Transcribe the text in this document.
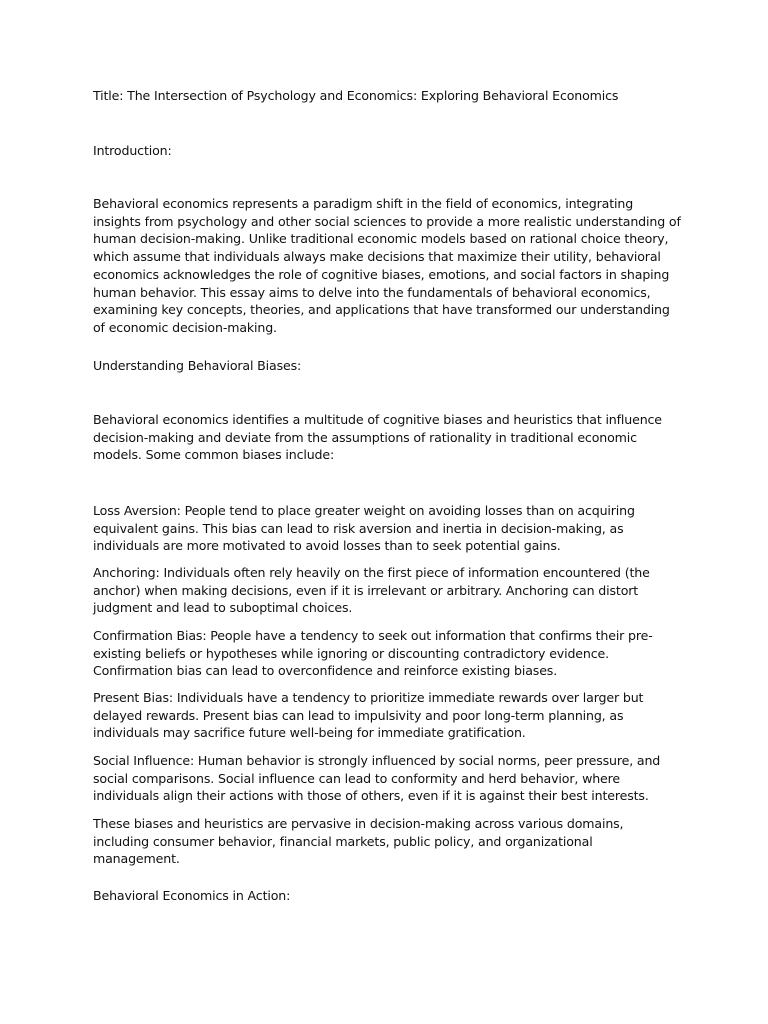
Title: The Intersection of Psychology and Economics: Exploring Behavioral Economics
Introduction:
Behavioral economics represents a paradigm shift in the field of economics, integrating insights from psychology and other social sciences to provide a more realistic understanding of human decision-making. Unlike traditional economic models based on rational choice theory, which assume that individuals always make decisions that maximize their utility, behavioral economics acknowledges the role of cognitive biases, emotions, and social factors in shaping human behavior. This essay aims to delve into the fundamentals of behavioral economics, examining key concepts, theories, and applications that have transformed our understanding of economic decision-making.
Understanding Behavioral Biases:
Behavioral economics identifies a multitude of cognitive biases and heuristics that influence decision-making and deviate from the assumptions of rationality in traditional economic models. Some common biases include:
Loss Aversion: People tend to place greater weight on avoiding losses than on acquiring equivalent gains. This bias can lead to risk aversion and inertia in decision-making, as individuals are more motivated to avoid losses than to seek potential gains.
Anchoring: Individuals often rely heavily on the first piece of information encountered (the anchor) when making decisions, even if it is irrelevant or arbitrary. Anchoring can distort judgment and lead to suboptimal choices.
Confirmation Bias: People have a tendency to seek out information that confirms their pre-existing beliefs or hypotheses while ignoring or discounting contradictory evidence. Confirmation bias can lead to overconfidence and reinforce existing biases.
Present Bias: Individuals have a tendency to prioritize immediate rewards over larger but delayed rewards. Present bias can lead to impulsivity and poor long-term planning, as individuals may sacrifice future well-being for immediate gratification.
Social Influence: Human behavior is strongly influenced by social norms, peer pressure, and social comparisons. Social influence can lead to conformity and herd behavior, where individuals align their actions with those of others, even if it is against their best interests.
These biases and heuristics are pervasive in decision-making across various domains, including consumer behavior, financial markets, public policy, and organizational management.
Behavioral Economics in Action:
